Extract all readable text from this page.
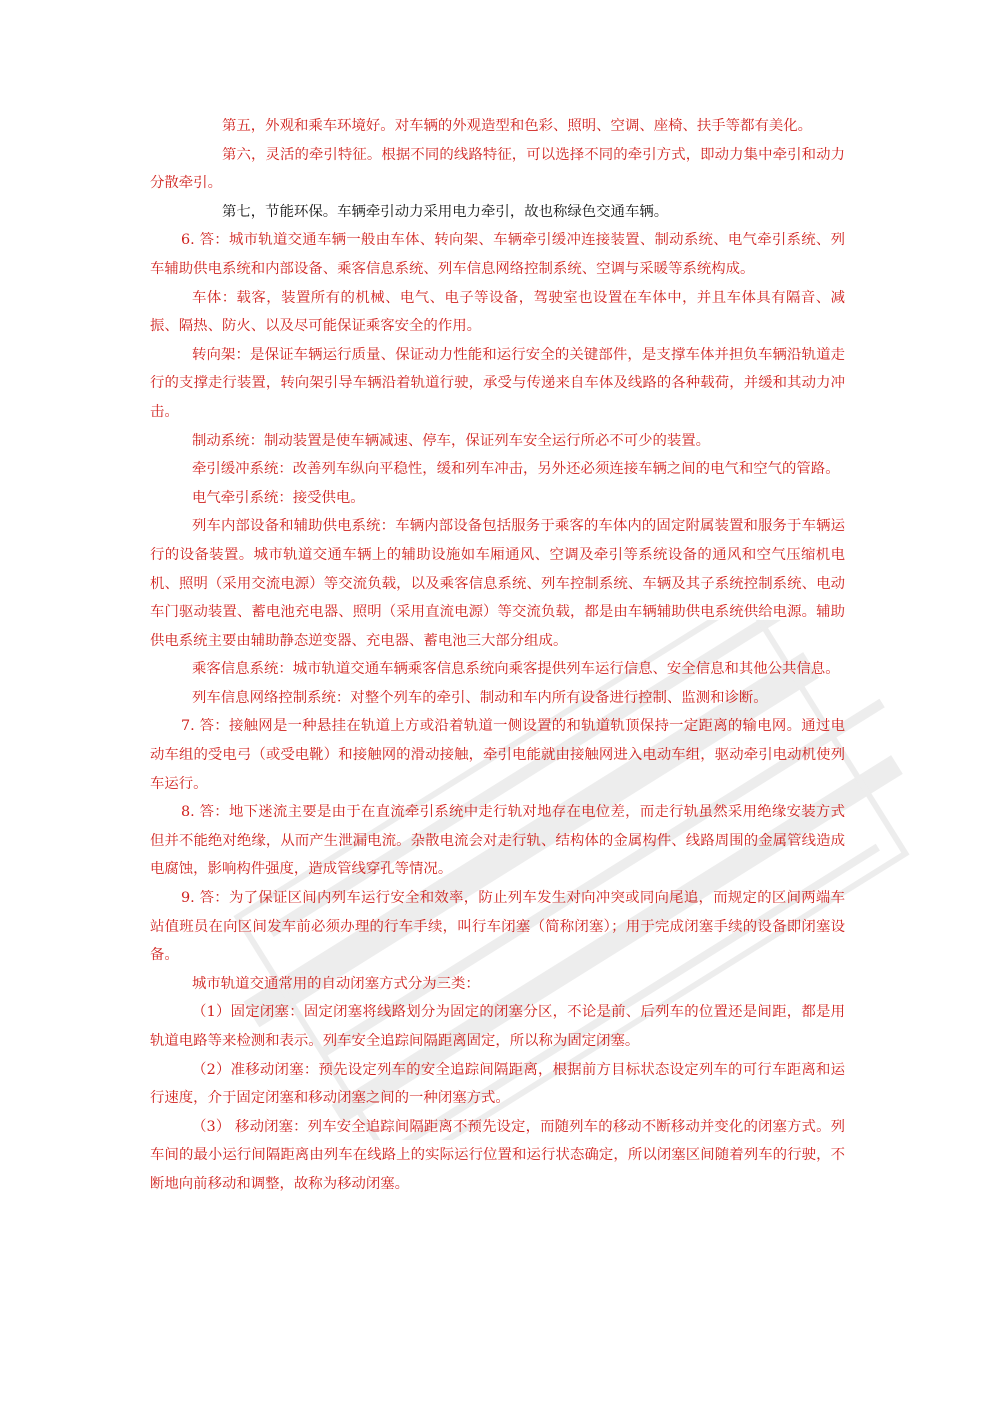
第五，外观和乘车环境好。对车辆的外观造型和色彩、照明、空调、座椅、扶手等都有美化。

第六，灵活的牵引特征。根据不同的线路特征，可以选择不同的牵引方式，即动力集中牵引和动力分散牵引。

第七，节能环保。车辆牵引动力采用电力牵引，故也称绿色交通车辆。

6. 答：城市轨道交通车辆一般由车体、转向架、车辆牵引缓冲连接装置、制动系统、电气牵引系统、列车辅助供电系统和内部设备、乘客信息系统、列车信息网络控制系统、空调与采暖等系统构成。

车体：载客，装置所有的机械、电气、电子等设备，驾驶室也设置在车体中，并且车体具有隔音、减振、隔热、防火、以及尽可能保证乘客安全的作用。

转向架：是保证车辆运行质量、保证动力性能和运行安全的关键部件，是支撑车体并担负车辆沿轨道走行的支撑走行装置，转向架引导车辆沿着轨道行驶，承受与传递来自车体及线路的各种载荷，并缓和其动力冲击。

制动系统：制动装置是使车辆减速、停车，保证列车安全运行所必不可少的装置。

牵引缓冲系统：改善列车纵向平稳性，缓和列车冲击，另外还必须连接车辆之间的电气和空气的管路。

电气牵引系统：接受供电。

列车内部设备和辅助供电系统：车辆内部设备包括服务于乘客的车体内的固定附属装置和服务于车辆运行的设备装置。城市轨道交通车辆上的辅助设施如车厢通风、空调及牵引等系统设备的通风和空气压缩机电机、照明（采用交流电源）等交流负载，以及乘客信息系统、列车控制系统、车辆及其子系统控制系统、电动车门驱动装置、蓄电池充电器、照明（采用直流电源）等交流负载，都是由车辆辅助供电系统供给电源。辅助供电系统主要由辅助静态逆变器、充电器、蓄电池三大部分组成。

乘客信息系统：城市轨道交通车辆乘客信息系统向乘客提供列车运行信息、安全信息和其他公共信息。

列车信息网络控制系统：对整个列车的牵引、制动和车内所有设备进行控制、监测和诊断。

7. 答：接触网是一种悬挂在轨道上方或沿着轨道一侧设置的和轨道轨顶保持一定距离的输电网。通过电动车组的受电弓（或受电靴）和接触网的滑动接触，牵引电能就由接触网进入电动车组，驱动牵引电动机使列车运行。

8. 答：地下迷流主要是由于在直流牵引系统中走行轨对地存在电位差，而走行轨虽然采用绝缘安装方式但并不能绝对绝缘，从而产生泄漏电流。杂散电流会对走行轨、结构体的金属构件、线路周围的金属管线造成电腐蚀，影响构件强度，造成管线穿孔等情况。

9. 答：为了保证区间内列车运行安全和效率，防止列车发生对向冲突或同向尾追，而规定的区间两端车站值班员在向区间发车前必须办理的行车手续，叫行车闭塞（简称闭塞）；用于完成闭塞手续的设备即闭塞设备。

城市轨道交通常用的自动闭塞方式分为三类：

（1）固定闭塞：固定闭塞将线路划分为固定的闭塞分区，不论是前、后列车的位置还是间距，都是用轨道电路等来检测和表示。列车安全追踪间隔距离固定，所以称为固定闭塞。

（2）准移动闭塞：预先设定列车的安全追踪间隔距离，根据前方目标状态设定列车的可行车距离和运行速度，介于固定闭塞和移动闭塞之间的一种闭塞方式。

（3） 移动闭塞：列车安全追踪间隔距离不预先设定，而随列车的移动不断移动并变化的闭塞方式。列车间的最小运行间隔距离由列车在线路上的实际运行位置和运行状态确定，所以闭塞区间随着列车的行驶，不断地向前移动和调整，故称为移动闭塞。
